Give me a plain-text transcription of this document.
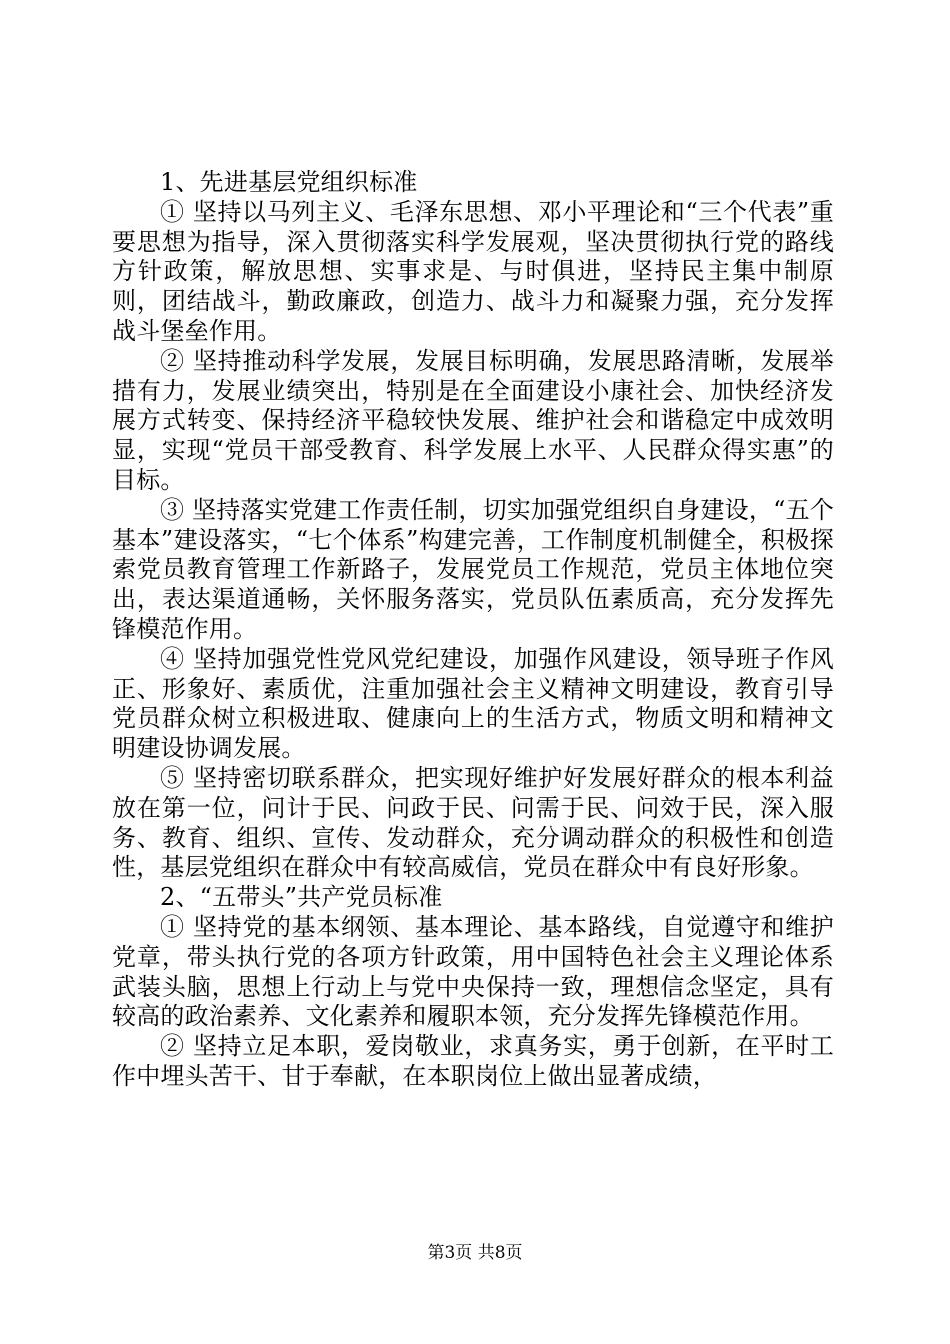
1、先进基层党组织标准

① 坚持以马列主义、毛泽东思想、邓小平理论和“三个代表”重要思想为指导，深入贯彻落实科学发展观，坚决贯彻执行党的路线方针政策，解放思想、实事求是、与时俱进，坚持民主集中制原则，团结战斗，勤政廉政，创造力、战斗力和凝聚力强，充分发挥战斗堡垒作用。

② 坚持推动科学发展，发展目标明确，发展思路清晰，发展举措有力，发展业绩突出，特别是在全面建设小康社会、加快经济发展方式转变、保持经济平稳较快发展、维护社会和谐稳定中成效明显，实现“党员干部受教育、科学发展上水平、人民群众得实惠”的目标。

③ 坚持落实党建工作责任制，切实加强党组织自身建设，“五个基本”建设落实，“七个体系”构建完善，工作制度机制健全，积极探索党员教育管理工作新路子，发展党员工作规范，党员主体地位突出，表达渠道通畅，关怀服务落实，党员队伍素质高，充分发挥先锋模范作用。

④ 坚持加强党性党风党纪建设，加强作风建设，领导班子作风正、形象好、素质优，注重加强社会主义精神文明建设，教育引导党员群众树立积极进取、健康向上的生活方式，物质文明和精神文明建设协调发展。

⑤ 坚持密切联系群众，把实现好维护好发展好群众的根本利益放在第一位，问计于民、问政于民、问需于民、问效于民，深入服务、教育、组织、宣传、发动群众，充分调动群众的积极性和创造性，基层党组织在群众中有较高威信，党员在群众中有良好形象。

2、“五带头”共产党员标准

① 坚持党的基本纲领、基本理论、基本路线，自觉遵守和维护党章，带头执行党的各项方针政策，用中国特色社会主义理论体系武装头脑，思想上行动上与党中央保持一致，理想信念坚定，具有较高的政治素养、文化素养和履职本领，充分发挥先锋模范作用。

② 坚持立足本职，爱岗敬业，求真务实，勇于创新，在平时工作中埋头苦干、甘于奉献，在本职岗位上做出显著成绩，

第3页 共8页
